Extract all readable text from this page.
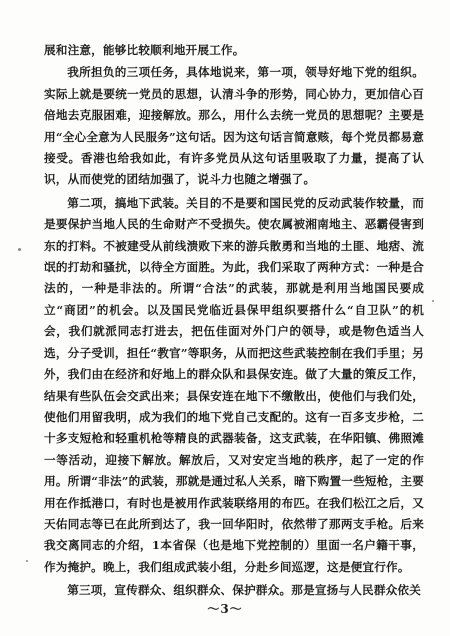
展和注意，能够比较顺利地开展工作。

我所担负的三项任务，具体地说来，第一项，领导好地下党的组织。实际上就是要统一党员的思想，认清斗争的形势，同心协力，更加信心百倍地去克服困难，迎接解放。那么，用什么去统一党员的思想呢？主要是用“全心全意为人民服务”这句话。因为这句话言简意赅，每个党员都易意接受。香港也给我如此，有许多党员从这句话里吸取了力量，提高了认识，从而使党的团结加强了，说斗力也随之增强了。

第二项，搞地下武装。关目的不是要和国民党的反动武装作较量，而是要保护当地人民的生命财产不受损失。使农属被湘南地主、恶霸侵害到东的打料。不被建受从前线溃败下来的游兵散勇和当地的土匪、地痞、流氓的打劫和骚扰，以待全方面胜。为此，我们采取了两种方式：一种是合法的，一种是非法的。所谓“合法”的武装，那就是利用当地国民要成立“商团”的机会。以及国民党临近县保甲组织要搭什么“自卫队”的机会，我们就派同志打进去，把伍佳面对外门户的领导，或是物色适当人选，分子受训，担任“教官”等职务，从而把这些武装控制在我们手里；另外，我们由在经济和好地上的群众队和县保安连。做了大量的策反工作，结果有些队伍会交武出来；县保安连在地下不缴散出，使他们与我们处，使他们用留我明，成为我们的地下党自己支配的。这有一百多支步枪，二十多支短枪和轻重机枪等精良的武器装备，这支武装，在华阳镇、佛照滩一等活动，迎接下解放。解放后，又对安定当地的秩序，起了一定的作用。所谓“非法”的武装，那就是通过私人关系，暗下购置一些短枪，主要用在作抵港口，有时也是被用作武装联络用的布匹。在我们松江之后，又天佑同志等已在此所到达了，我一回华阳时，依然带了那两支手枪。后来我交离同志的介绍，1本省保（也是地下党控制的）里面一名户籍干事，作为掩护。晚上，我们组成武装小组，分赴乡间巡逻，这是便宜行作。

第三项，宣传群众、组织群众、保护群众。那是宣扬与人民群众依关

～3～
